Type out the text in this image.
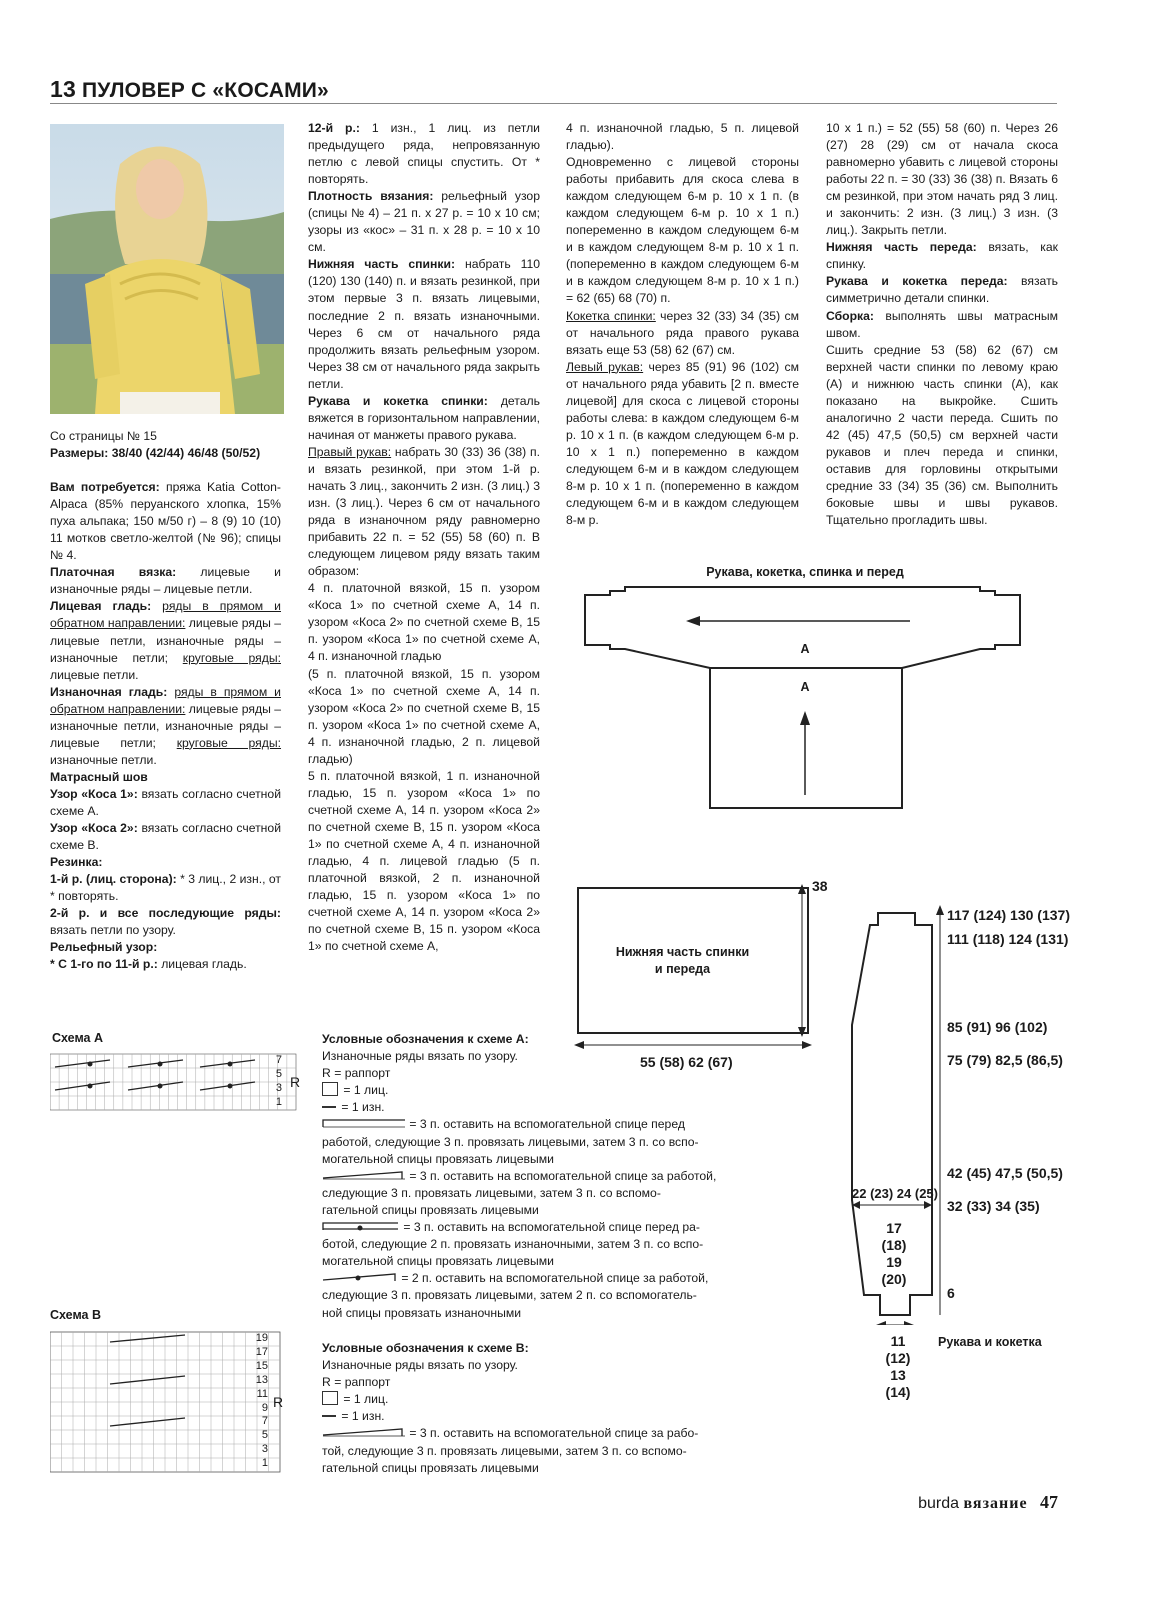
13 ПУЛОВЕР С «КОСАМИ»

Со страницы № 15

Размеры: 38/40 (42/44) 46/48 (50/52)

Вам потребуется: пряжа Katia Cotton-Alpaca (85% перуанского хлопка, 15% пуха альпака; 150 м/50 г) – 8 (9) 10 (10) 11 мотков светло-желтой (№ 96); спицы № 4.

Платочная вязка: лицевые и изнаночные ряды – лицевые петли.

Лицевая гладь: ряды в прямом и обратном направлении: лицевые ряды – лицевые петли, изнаночные ряды – изнаночные петли; круговые ряды: лицевые петли.

Изнаночная гладь: ряды в прямом и обратном направлении: лицевые ряды – изнаночные петли, изнаночные ряды – лицевые петли; круговые ряды: изнаночные петли.

Матрасный шов

Узор «Коса 1»: вязать согласно счетной схеме А.

Узор «Коса 2»: вязать согласно счетной схеме В.

Резинка:

1-й р. (лиц. сторона): * 3 лиц., 2 изн., от * повторять.

2-й р. и все последующие ряды: вязать петли по узору.

Рельефный узор:

* С 1-го по 11-й р.: лицевая гладь.

12-й р.: 1 изн., 1 лиц. из петли предыдущего ряда, непровязанную петлю с левой спицы спустить. От * повторять.

Плотность вязания: рельефный узор (спицы № 4) – 21 п. х 27 р. = 10 х 10 см; узоры из «кос» – 31 п. х 28 р. = 10 х 10 см.

Нижняя часть спинки: набрать 110 (120) 130 (140) п. и вязать резинкой, при этом первые 3 п. вязать лицевыми, последние 2 п. вязать изнаночными. Через 6 см от начального ряда продолжить вязать рельефным узором. Через 38 см от начального ряда закрыть петли.

Рукава и кокетка спинки: деталь вяжется в горизонтальном направлении, начиная от манжеты правого рукава.

Правый рукав: набрать 30 (33) 36 (38) п. и вязать резинкой, при этом 1-й р. начать 3 лиц., закончить 2 изн. (3 лиц.) 3 изн. (3 лиц.). Через 6 см от начального ряда в изнаночном ряду равномерно прибавить 22 п. = 52 (55) 58 (60) п. В следующем лицевом ряду вязать таким образом:

4 п. платочной вязкой, 15 п. узором «Коса 1» по счетной схеме А, 14 п. узором «Коса 2» по счетной схеме В, 15 п. узором «Коса 1» по счетной схеме А, 4 п. изнаночной гладью

(5 п. платочной вязкой, 15 п. узором «Коса 1» по счетной схеме А, 14 п. узором «Коса 2» по счетной схеме В, 15 п. узором «Коса 1» по счетной схеме А, 4 п. изнаночной гладью, 2 п. лицевой гладью)

5 п. платочной вязкой, 1 п. изнаночной гладью, 15 п. узором «Коса 1» по счетной схеме А, 14 п. узором «Коса 2» по счетной схеме В, 15 п. узором «Коса 1» по счетной схеме А, 4 п. изнаночной гладью, 4 п. лицевой гладью (5 п. платочной вязкой, 2 п. изнаночной гладью, 15 п. узором «Коса 1» по счетной схеме А, 14 п. узором «Коса 2» по счетной схеме В, 15 п. узором «Коса 1» по счетной схеме А,

4 п. изнаночной гладью, 5 п. лицевой гладью).

Одновременно с лицевой стороны работы прибавить для скоса слева в каждом следующем 6-м р. 10 х 1 п. (в каждом следующем 6-м р. 10 х 1 п.) попеременно в каждом следующем 6-м и в каждом следующем 8-м р. 10 х 1 п. (попеременно в каждом следующем 6-м и в каждом следующем 8-м р. 10 х 1 п.) = 62 (65) 68 (70) п.

Кокетка спинки: через 32 (33) 34 (35) см от начального ряда правого рукава вязать еще 53 (58) 62 (67) см.

Левый рукав: через 85 (91) 96 (102) см от начального ряда убавить [2 п. вместе лицевой] для скоса с лицевой стороны работы слева: в каждом следующем 6-м р. 10 х 1 п. (в каждом следующем 6-м р. 10 х 1 п.) попеременно в каждом следующем 6-м и в каждом следующем 8-м р. 10 х 1 п. (попеременно в каждом следующем 6-м и в каждом следующем 8-м р.

10 х 1 п.) = 52 (55) 58 (60) п. Через 26 (27) 28 (29) см от начала скоса равномерно убавить с лицевой стороны работы 22 п. = 30 (33) 36 (38) п. Вязать 6 см резинкой, при этом начать ряд 3 лиц. и закончить: 2 изн. (3 лиц.) 3 изн. (3 лиц.). Закрыть петли.

Нижняя часть переда: вязать, как спинку.

Рукава и кокетка переда: вязать симметрично детали спинки.

Сборка: выполнять швы матрасным швом.

Сшить средние 53 (58) 62 (67) см верхней части спинки по левому краю (А) и нижнюю часть спинки (А), как показано на выкройке. Сшить аналогично 2 части переда. Сшить по 42 (45) 47,5 (50,5) см верхней части рукавов и плеч переда и спинки, оставив для горловины открытыми средние 33 (34) 35 (36) см. Выполнить боковые швы и швы рукавов. Тщательно прогладить швы.

Рукава, кокетка, спинка и перед
A
A
Нижняя часть спинки
и переда
38
55 (58) 62 (67)
117 (124) 130 (137)
111 (118) 124 (131)
85 (91) 96 (102)
75 (79) 82,5 (86,5)
42 (45) 47,5 (50,5)
32 (33) 34 (35)
6
22 (23) 24 (25)
17
(18)
19
(20)
11
(12)
13
(14)
Рукава и кокетка
Схема А
7
5
3
1
R
Схема В
19
17
15
13
11
9
7
5
3
1
R
Условные обозначения к схеме А:
Изнаночные ряды вязать по узору.
R = раппорт
= 1 лиц.
= 1 изн.
= 3 п. оставить на вспомогательной спице перед
работой, следующие 3 п. провязать лицевыми, затем 3 п. со вспо-
могательной спицы провязать лицевыми
= 3 п. оставить на вспомогательной спице за работой, следующие 3 п. провязать лицевыми, затем 3 п. со вспомо-
гательной спицы провязать лицевыми
= 3 п. оставить на вспомогательной спице перед ра-
ботой, следующие 2 п. провязать изнаночными, затем 3 п. со вспо-
могательной спицы провязать лицевыми
= 2 п. оставить на вспомогательной спице за работой,
следующие 3 п. провязать лицевыми, затем 2 п. со вспомогатель-
ной спицы провязать изнаночными
Условные обозначения к схеме В:
Изнаночные ряды вязать по узору.
R = раппорт
= 1 лиц.
= 1 изн.
= 3 п. оставить на вспомогательной спице за рабо-
той, следующие 3 п. провязать лицевыми, затем 3 п. со вспомо-
гательной спицы провязать лицевыми
burda вязание 47
